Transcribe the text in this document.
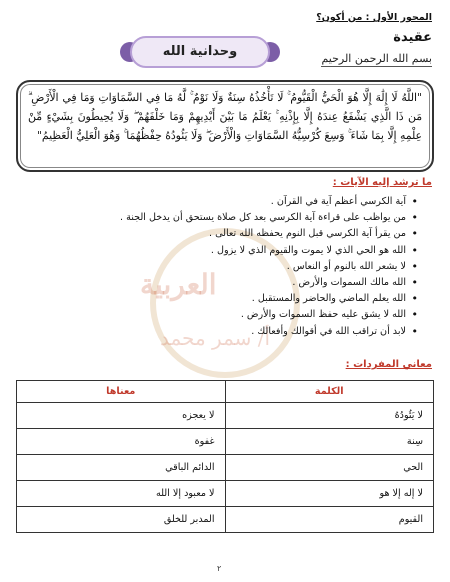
المحور الأول : من أكون؟
عقيدة
وحدانية الله	بسم الله الرحمن الرحيم
"اللَّهُ لَا إِلَٰهَ إِلَّا هُوَ الْحَيُّ الْقَيُّومُ ۚ لَا تَأْخُذُهُ سِنَةٌ وَلَا نَوْمٌ ۚ لَّهُ مَا فِي السَّمَاوَاتِ وَمَا فِي الْأَرْضِ ۗ مَن ذَا الَّذِي يَشْفَعُ عِندَهُ إِلَّا بِإِذْنِهِ ۚ يَعْلَمُ مَا بَيْنَ أَيْدِيهِمْ وَمَا خَلْفَهُمْ ۖ وَلَا يُحِيطُونَ بِشَيْءٍ مِّنْ عِلْمِهِ إِلَّا بِمَا شَاءَ ۚ وَسِعَ كُرْسِيُّهُ السَّمَاوَاتِ وَالْأَرْضَ ۖ وَلَا يَئُودُهُ حِفْظُهُمَا ۚ وَهُوَ الْعَلِيُّ الْعَظِيمُ"
العربية
أ/ سمر محمد
ما ترشد إليه الآيات :
• آية الكرسي أعظم آية في القرآن .
• من يواظب على قراءة آية الكرسي بعد كل صلاة يستحق أن يدخل الجنة .
• من يقرأ آية الكرسي قبل النوم يحفظه الله تعالى .
• الله هو الحي الذي لا يموت والقيوم الذي لا يزول .
• لا يشعر الله بالنوم أو النعاس .
• الله مالك السموات والأرض .
• الله يعلم الماضي والحاضر والمستقبل .
• الله لا يشق عليه حفظ السموات والأرض .
• لابد أن تراقب الله في أقوالك وأفعالك .
معاني المفردات :
الكلمة	معناها
لا يَئُودُهُ	لا يعجزه
سِنة	غفوة
الحي	الدائم الباقي
لا إله إلا هو	لا معبود إلا الله
القيوم	المدبر للخلق
٢
